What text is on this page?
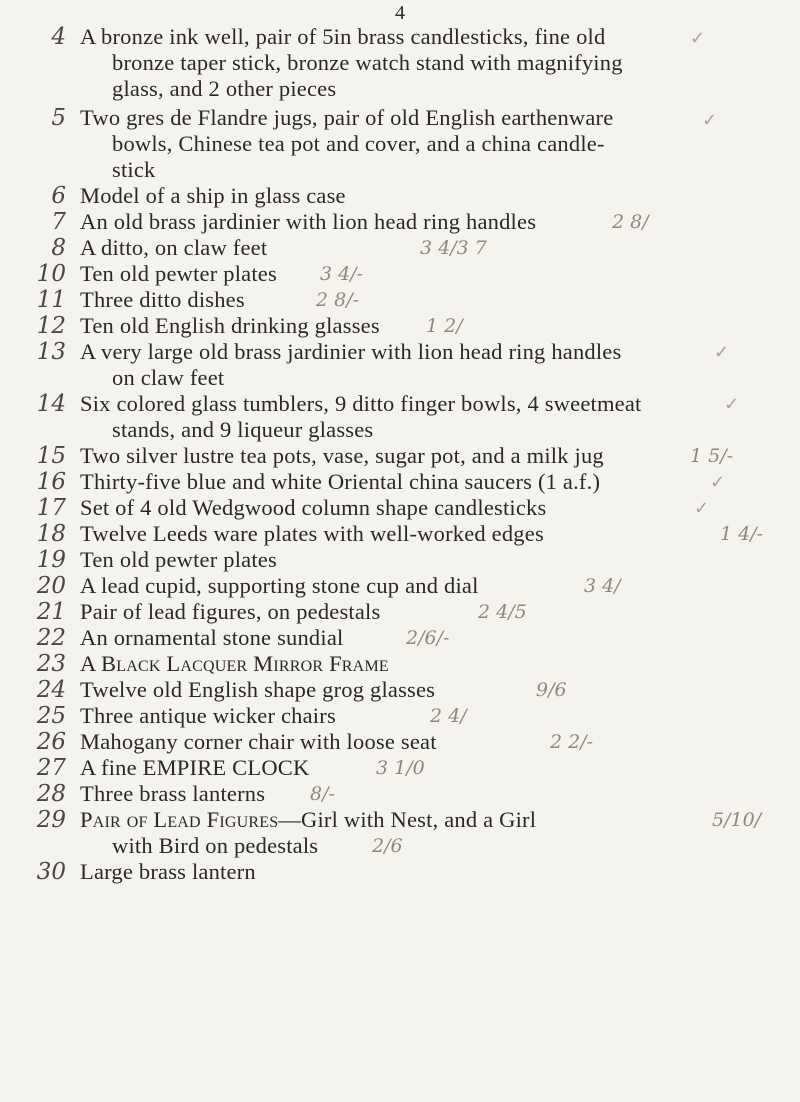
4
4 A bronze ink well, pair of 5in brass candlesticks, fine old
bronze taper stick, bronze watch stand with magnifying
glass, and 2 other pieces
5 Two gres de Flandre jugs, pair of old English earthenware
bowls, Chinese tea pot and cover, and a china candle-
stick
6 Model of a ship in glass case
7 An old brass jardinier with lion head ring handles	2 8/
8 A ditto, on claw feet	3 4/3 7
10 Ten old pewter plates 3 4/-
11 Three ditto dishes	2 8/-
12 Ten old English drinking glasses 1 2/
13 A very large old brass jardinier with lion head ring handles
on claw feet
14 Six colored glass tumblers, 9 ditto finger bowls, 4 sweetmeat
stands, and 9 liqueur glasses
15 Two silver lustre tea pots, vase, sugar pot, and a milk jug	1 5/-
16 Thirty-five blue and white Oriental china saucers (1 a.f.)
17 Set of 4 old Wedgwood column shape candlesticks
18 Twelve Leeds ware plates with well-worked edges	1 4/-
19 Ten old pewter plates
20 A lead cupid, supporting stone cup and dial	3 4/
21 Pair of lead figures, on pedestals	2 4/5
22 An ornamental stone sundial	2/6/-
23 A Black Lacquer Mirror Frame
24 Twelve old English shape grog glasses	9/6
25 Three antique wicker chairs	2 4/
26 Mahogany corner chair with loose seat	2 2/-
27 A fine EMPIRE CLOCK	3 1/0
28 Three brass lanterns 8/-
29 Pair of Lead Figures—Girl with Nest, and a Girl	5/10/
with Bird on pedestals	2/6
30 Large brass lantern
✓
✓
✓
✓
✓
✓
